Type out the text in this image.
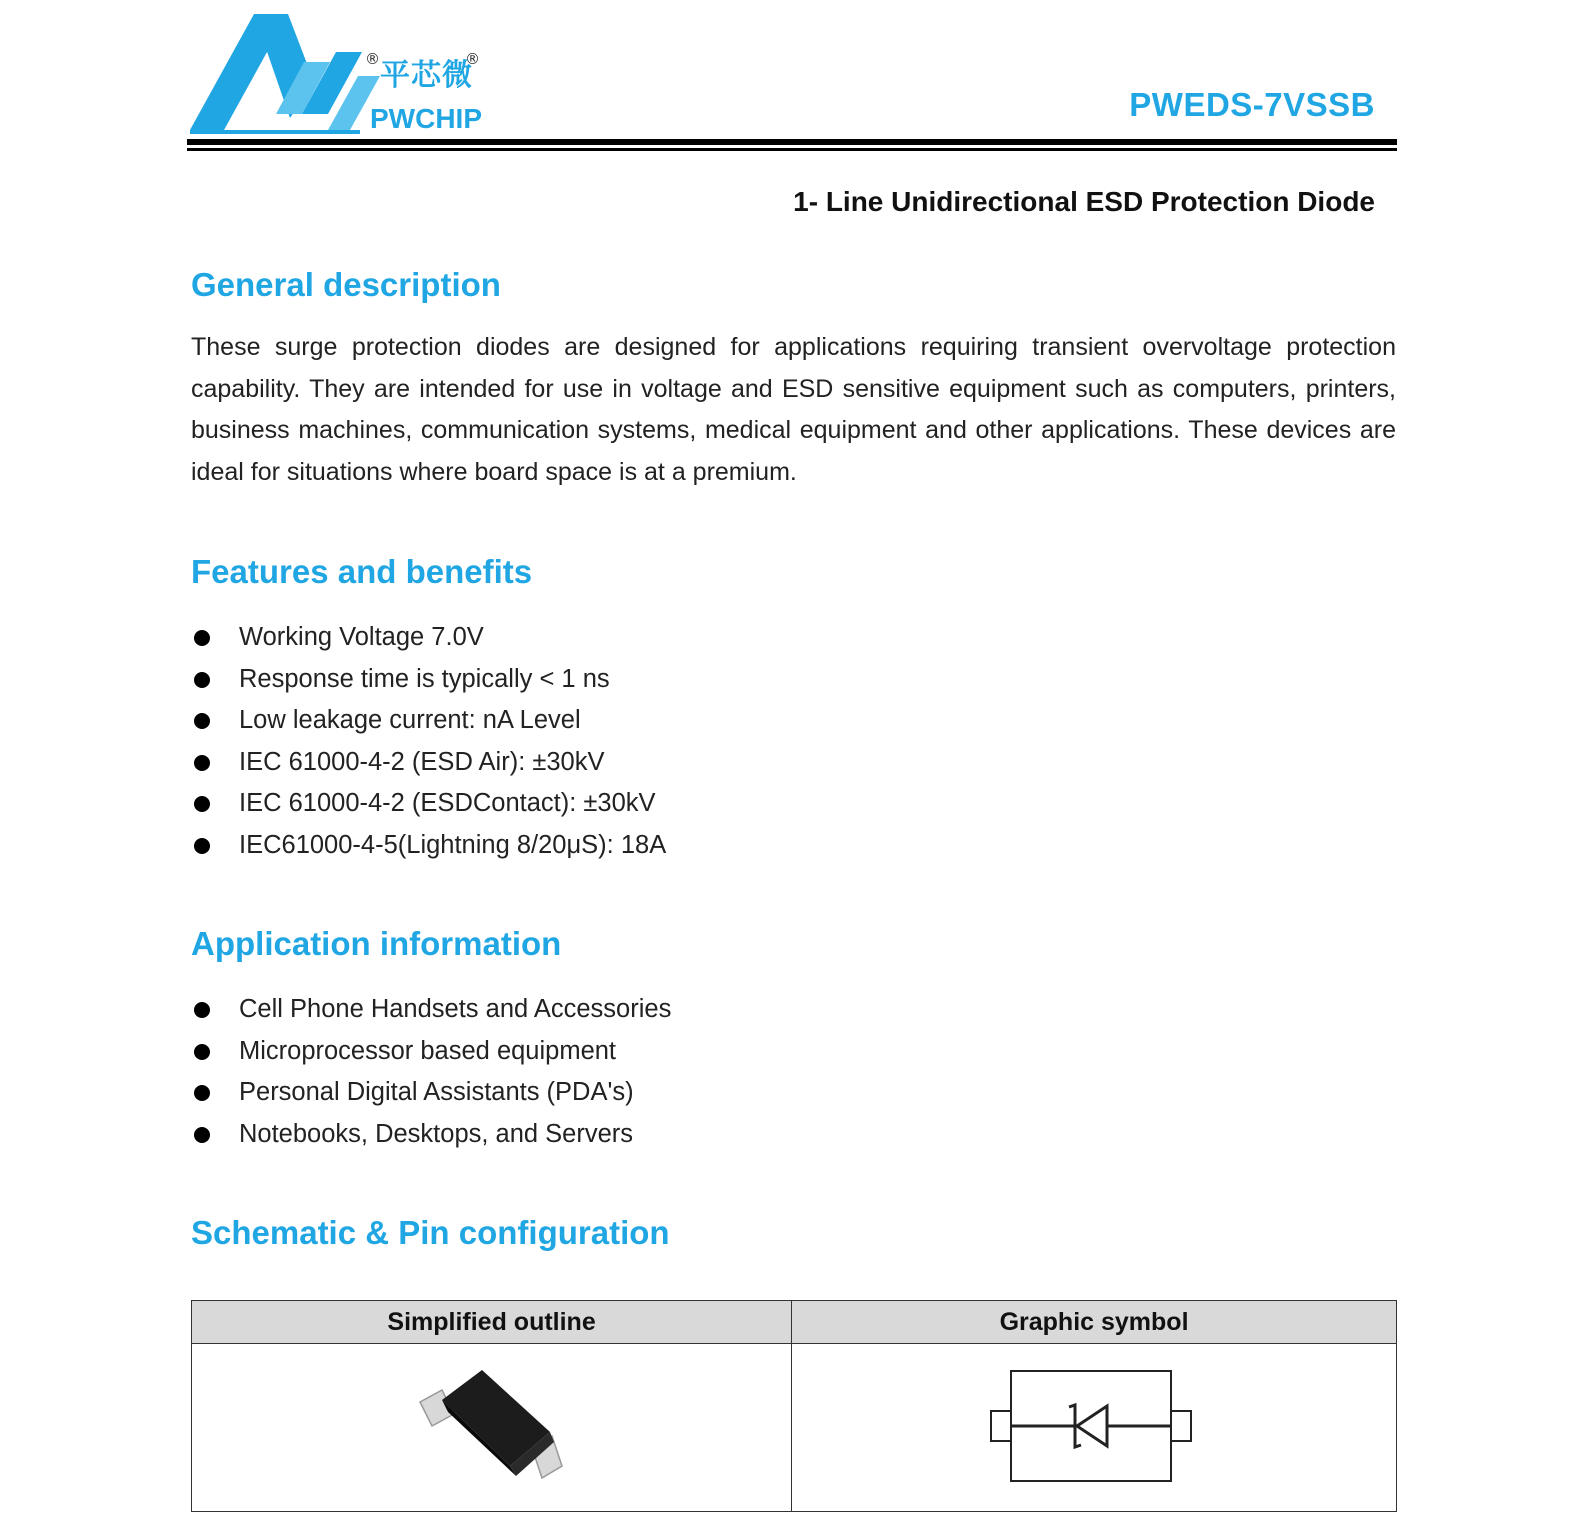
®	®
平芯微
PWCHIP	PWEDS-7VSSB
1- Line Unidirectional ESD Protection Diode
General description

These surge protection diodes are designed for applications requiring transient overvoltage protection capability. They are intended for use in voltage and ESD sensitive equipment such as computers, printers, business machines, communication systems, medical equipment and other applications. These devices are ideal for situations where board space is at a premium.

Features and benefits
Working Voltage 7.0V
Response time is typically < 1 ns
Low leakage current: nA Level
IEC 61000-4-2 (ESD Air): ±30kV
IEC 61000-4-2 (ESDContact): ±30kV
IEC61000-4-5(Lightning 8/20μS): 18A
Application information
Cell Phone Handsets and Accessories
Microprocessor based equipment
Personal Digital Assistants (PDA's)
Notebooks, Desktops, and Servers
Schematic & Pin configuration
Simplified outline	Graphic symbol
